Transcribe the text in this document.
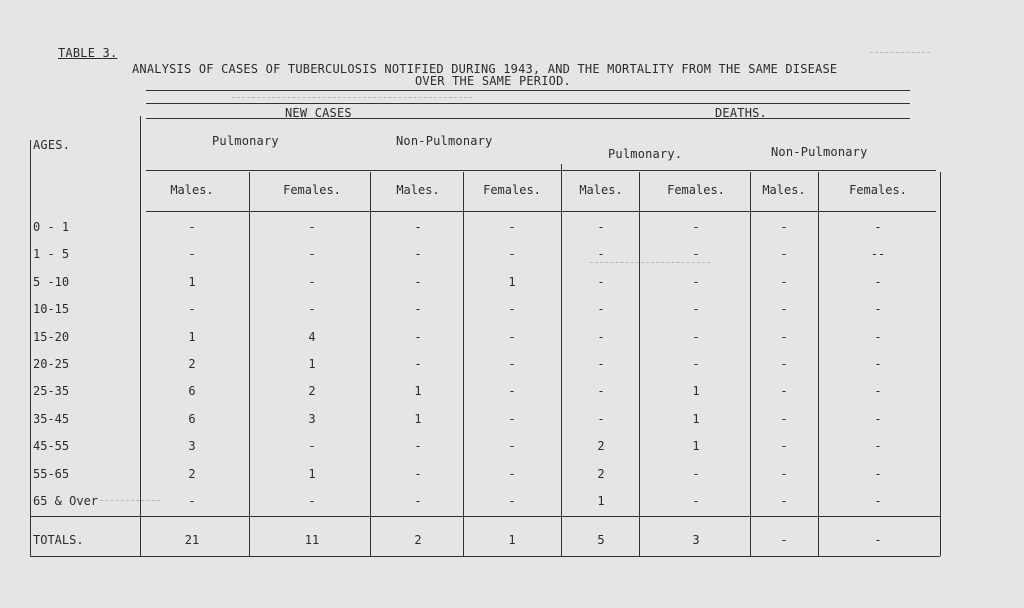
TABLE 3.
ANALYSIS OF CASES OF TUBERCULOSIS NOTIFIED DURING 1943, AND THE MORTALITY FROM THE SAME DISEASE
OVER THE SAME PERIOD.
AGES.
NEW CASES	DEATHS.
Pulmonary	Non-Pulmonary
Pulmonary.	Non-Pulmonary
Males.	Females.	Males.	Females.	Males.	Females.	Males.	Females.
0 - 1	-	-	-	-	-	-	-	-
1 - 5	-	-	-	-	-	-	-	--
5 -10	1	-	-	1	-	-	-	-
10-15	-	-	-	-	-	-	-	-
15-20	1	4	-	-	-	-	-	-
20-25	2	1	-	-	-	-	-	-
25-35	6	2	1	-	-	1	-	-
35-45	6	3	1	-	-	1	-	-
45-55	3	-	-	-	2	1	-	-
55-65	2	1	-	-	2	-	-	-
65 & Over	-	-	-	-	1	-	-	-
TOTALS.	21	11	2	1	5	3	-	-
